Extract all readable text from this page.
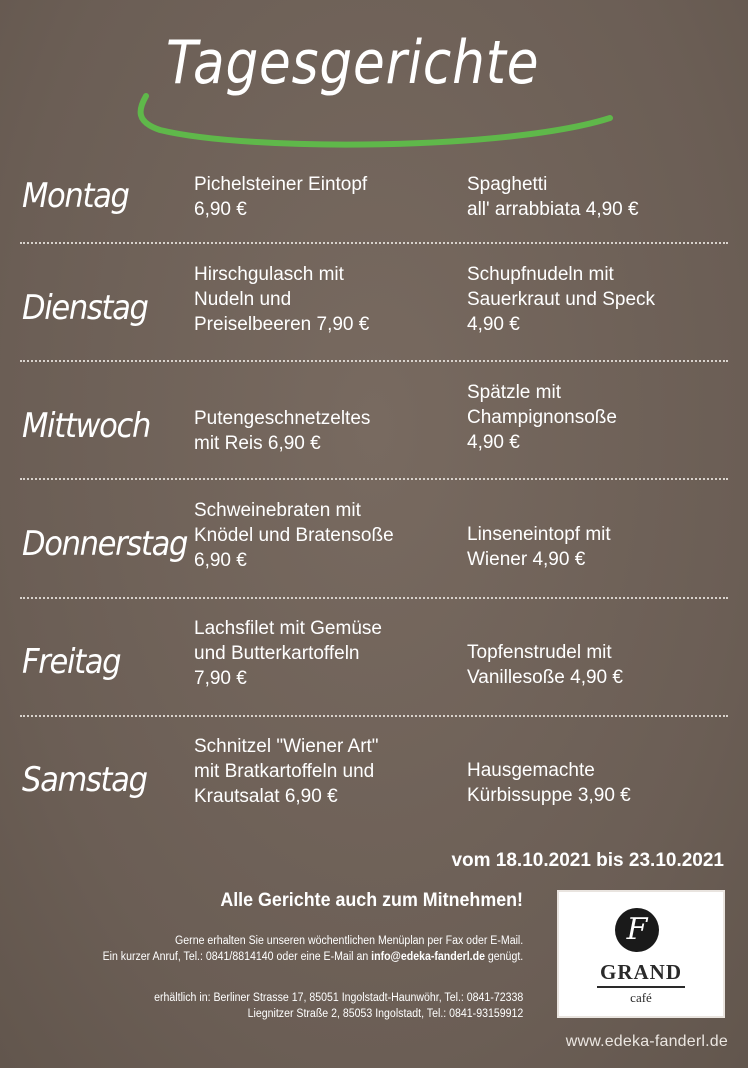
Tagesgerichte
Montag	Pichelsteiner Eintopf
6,90 €
Spaghetti
all' arrabbiata 4,90 €
Dienstag
Hirschgulasch mit
Nudeln und
Preiselbeeren 7,90 €
Schupfnudeln mit
Sauerkraut und Speck
4,90 €
Mittwoch Putengeschnetzeltes
mit Reis 6,90 €
Spätzle mit
Champignonsoße
4,90 €
Donnerstag
Schweinebraten mit
Knödel und Bratensoße
6,90 €
Linseneintopf mit
Wiener 4,90 €
Freitag
Lachsfilet mit Gemüse
und Butterkartoffeln
7,90 €
Topfenstrudel mit
Vanillesoße 4,90 €
Samstag
Schnitzel "Wiener Art"
mit Bratkartoffeln und
Krautsalat 6,90 €
Hausgemachte
Kürbissuppe 3,90 €
vom 18.10.2021 bis 23.10.2021
Alle Gerichte auch zum Mitnehmen!
Gerne erhalten Sie unseren wöchentlichen Menüplan per Fax oder E-Mail.
Ein kurzer Anruf, Tel.: 0841/8814140 oder eine E-Mail an info@edeka-fanderl.de genügt.
erhältlich in: Berliner Strasse 17, 85051 Ingolstadt-Haunwöhr, Tel.: 0841-72338
Liegnitzer Straße 2, 85053 Ingolstadt, Tel.: 0841-93159912
F
GRAND
café
www.edeka-fanderl.de
